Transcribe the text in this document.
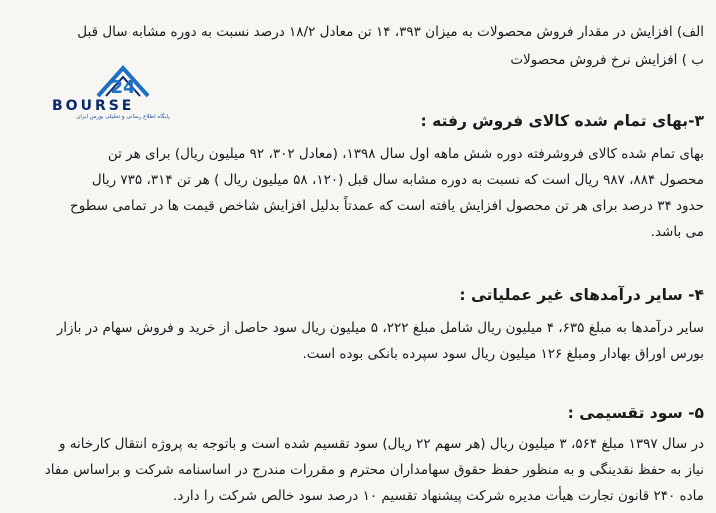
الف) افزایش در مقدار فروش محصولات به میزان ۳۹۳، ۱۴ تن معادل ۱۸/۲ درصد نسبت به دوره مشابه سال قبل
ب ) افزایش نرخ فروش محصولات
24
BOURSE
پایگاه اطلاع رسانی و تحلیلی بورس ایران	۳-بهای تمام شده کالای فروش رفته :
بهای تمام شده کالای فروشرفته دوره شش ماهه اول سال ۱۳۹۸، (معادل ۳۰۲، ۹۲ میلیون ریال) برای هر تن
محصول ۸۸۴، ۹۸۷ ریال است که نسبت به دوره مشابه سال قبل (۱۲۰، ۵۸ میلیون ریال ) هر تن ۳۱۴، ۷۳۵ ریال
حدود ۳۴ درصد برای هر تن محصول افزایش یافته است که عمدتاً بدلیل افزایش شاخص قیمت ها در تمامی سطوح
می باشد.
۴- سایر درآمدهای غیر عملیاتی :
سایر درآمدها به مبلغ ۶۳۵، ۴ میلیون ریال شامل مبلغ ۲۲۲، ۵ میلیون ریال سود حاصل از خرید و فروش سهام در بازار
بورس اوراق بهادار ومبلغ ۱۲۶ میلیون ریال سود سپرده بانکی بوده است.
۵- سود تقسیمی :
در سال ۱۳۹۷ مبلغ ۵۶۴، ۳ میلیون ریال (هر سهم ۲۲ ریال) سود تقسیم شده است و باتوجه به پروژه انتقال کارخانه و
نیاز به حفظ نقدینگی و به منظور حفظ حقوق سهامداران محترم و مقررات مندرج در اساسنامه شرکت و براساس مفاد
ماده ۲۴۰ قانون تجارت هیأت مدیره شرکت پیشنهاد تقسیم ۱۰ درصد سود خالص شرکت را دارد.
